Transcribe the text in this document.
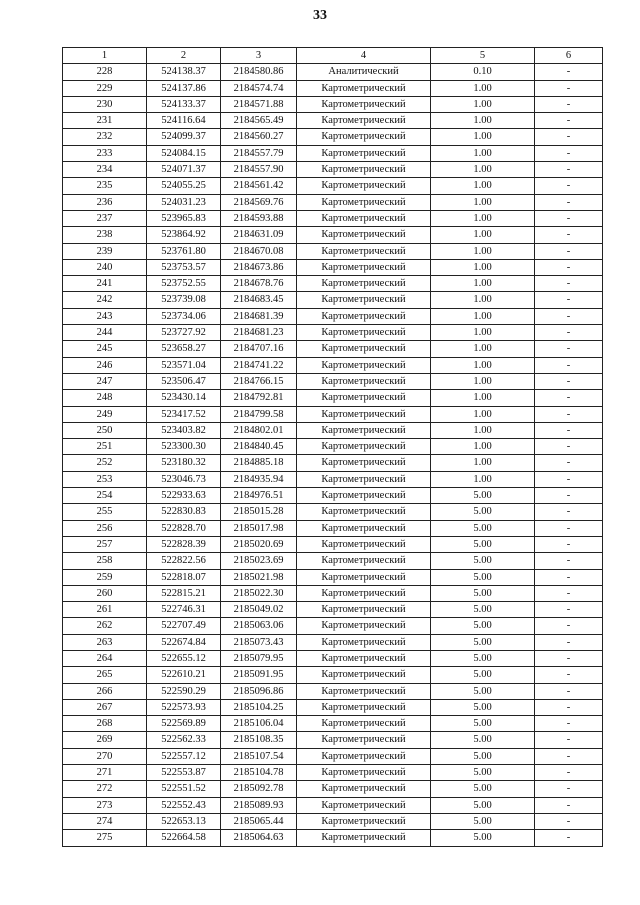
33
1	2	3	4	5	6
228	524138.37	2184580.86	Аналитический	0.10	-
229	524137.86	2184574.74	Картометрический	1.00	-
230	524133.37	2184571.88	Картометрический	1.00	-
231	524116.64	2184565.49	Картометрический	1.00	-
232	524099.37	2184560.27	Картометрический	1.00	-
233	524084.15	2184557.79	Картометрический	1.00	-
234	524071.37	2184557.90	Картометрический	1.00	-
235	524055.25	2184561.42	Картометрический	1.00	-
236	524031.23	2184569.76	Картометрический	1.00	-
237	523965.83	2184593.88	Картометрический	1.00	-
238	523864.92	2184631.09	Картометрический	1.00	-
239	523761.80	2184670.08	Картометрический	1.00	-
240	523753.57	2184673.86	Картометрический	1.00	-
241	523752.55	2184678.76	Картометрический	1.00	-
242	523739.08	2184683.45	Картометрический	1.00	-
243	523734.06	2184681.39	Картометрический	1.00	-
244	523727.92	2184681.23	Картометрический	1.00	-
245	523658.27	2184707.16	Картометрический	1.00	-
246	523571.04	2184741.22	Картометрический	1.00	-
247	523506.47	2184766.15	Картометрический	1.00	-
248	523430.14	2184792.81	Картометрический	1.00	-
249	523417.52	2184799.58	Картометрический	1.00	-
250	523403.82	2184802.01	Картометрический	1.00	-
251	523300.30	2184840.45	Картометрический	1.00	-
252	523180.32	2184885.18	Картометрический	1.00	-
253	523046.73	2184935.94	Картометрический	1.00	-
254	522933.63	2184976.51	Картометрический	5.00	-
255	522830.83	2185015.28	Картометрический	5.00	-
256	522828.70	2185017.98	Картометрический	5.00	-
257	522828.39	2185020.69	Картометрический	5.00	-
258	522822.56	2185023.69	Картометрический	5.00	-
259	522818.07	2185021.98	Картометрический	5.00	-
260	522815.21	2185022.30	Картометрический	5.00	-
261	522746.31	2185049.02	Картометрический	5.00	-
262	522707.49	2185063.06	Картометрический	5.00	-
263	522674.84	2185073.43	Картометрический	5.00	-
264	522655.12	2185079.95	Картометрический	5.00	-
265	522610.21	2185091.95	Картометрический	5.00	-
266	522590.29	2185096.86	Картометрический	5.00	-
267	522573.93	2185104.25	Картометрический	5.00	-
268	522569.89	2185106.04	Картометрический	5.00	-
269	522562.33	2185108.35	Картометрический	5.00	-
270	522557.12	2185107.54	Картометрический	5.00	-
271	522553.87	2185104.78	Картометрический	5.00	-
272	522551.52	2185092.78	Картометрический	5.00	-
273	522552.43	2185089.93	Картометрический	5.00	-
274	522653.13	2185065.44	Картометрический	5.00	-
275	522664.58	2185064.63	Картометрический	5.00	-
